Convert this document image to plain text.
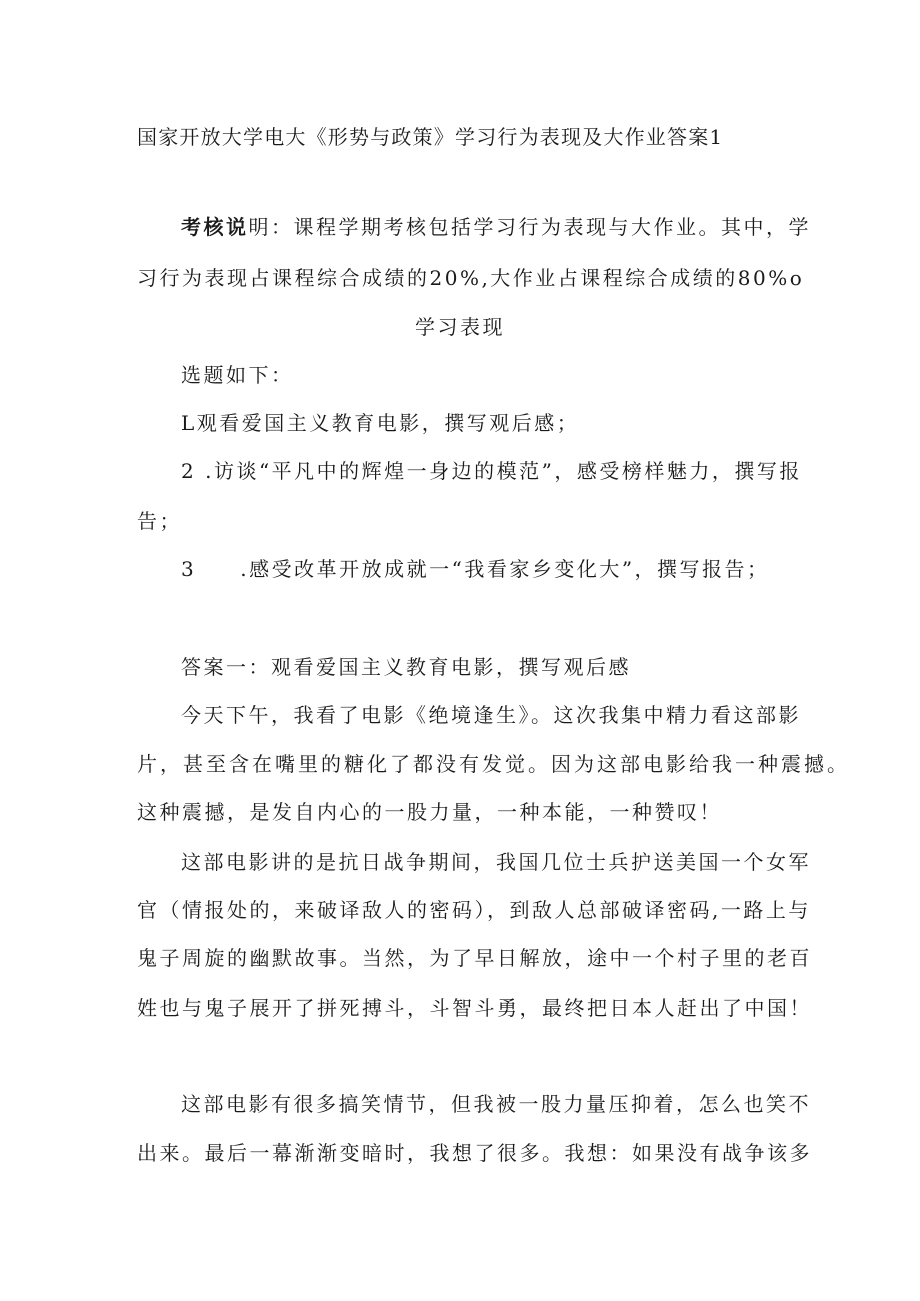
国家开放大学电大《形势与政策》学习行为表现及大作业答案1
考核说明：课程学期考核包括学习行为表现与大作业。其中，学
习行为表现占课程综合成绩的20%,大作业占课程综合成绩的80%o
学习表现
选题如下：
L观看爱国主义教育电影，撰写观后感；
2 .访谈“平凡中的辉煌一身边的模范”，感受榜样魅力，撰写报
告；
3 .感受改革开放成就一“我看家乡变化大”，撰写报告；
答案一：观看爱国主义教育电影，撰写观后感
今天下午，我看了电影《绝境逢生》。这次我集中精力看这部影
片，甚至含在嘴里的糖化了都没有发觉。因为这部电影给我一种震撼。
这种震撼，是发自内心的一股力量，一种本能，一种赞叹！
这部电影讲的是抗日战争期间，我国几位士兵护送美国一个女军
官（情报处的，来破译敌人的密码），到敌人总部破译密码,一路上与
鬼子周旋的幽默故事。当然，为了早日解放，途中一个村子里的老百
姓也与鬼子展开了拼死搏斗，斗智斗勇，最终把日本人赶出了中国！
这部电影有很多搞笑情节，但我被一股力量压抑着，怎么也笑不
出来。最后一幕渐渐变暗时，我想了很多。我想：如果没有战争该多
